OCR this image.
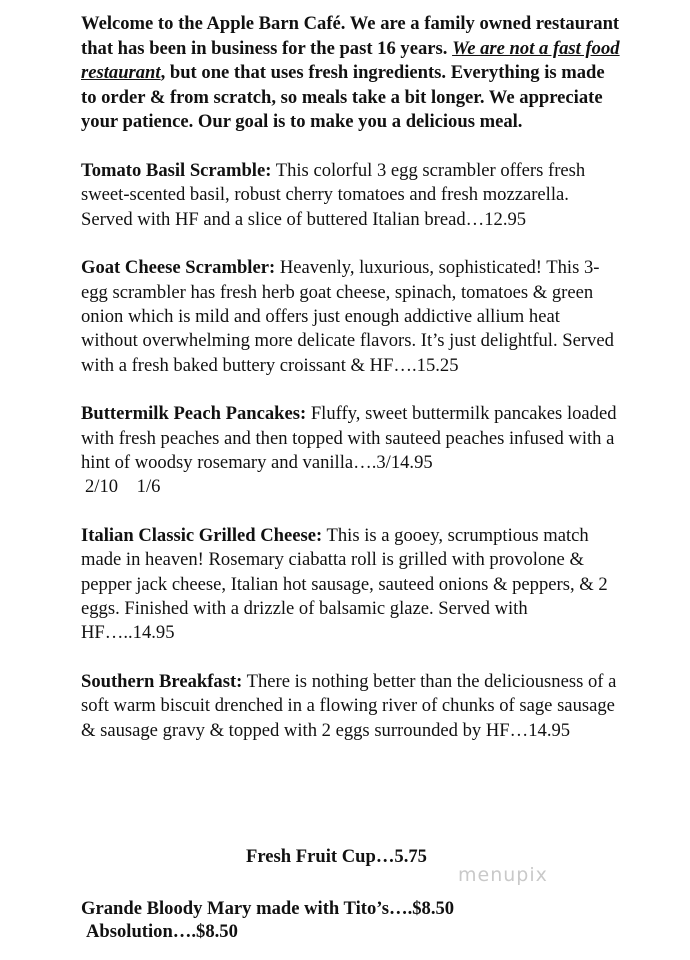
Welcome to the Apple Barn Café. We are a family owned restaurant that has been in business for the past 16 years. We are not a fast food restaurant, but one that uses fresh ingredients. Everything is made to order & from scratch, so meals take a bit longer. We appreciate your patience. Our goal is to make you a delicious meal.

Tomato Basil Scramble: This colorful 3 egg scrambler offers fresh sweet-scented basil, robust cherry tomatoes and fresh mozzarella. Served with HF and a slice of buttered Italian bread…12.95

Goat Cheese Scrambler: Heavenly, luxurious, sophisticated! This 3-egg scrambler has fresh herb goat cheese, spinach, tomatoes & green onion which is mild and offers just enough addictive allium heat without overwhelming more delicate flavors. It’s just delightful. Served with a fresh baked buttery croissant & HF….15.25

Buttermilk Peach Pancakes: Fluffy, sweet buttermilk pancakes loaded with fresh peaches and then topped with sauteed peaches infused with a hint of woodsy rosemary and vanilla….3/14.95
2/10    1/6

Italian Classic Grilled Cheese: This is a gooey, scrumptious match made in heaven! Rosemary ciabatta roll is grilled with provolone & pepper jack cheese, Italian hot sausage, sauteed onions & peppers, & 2 eggs. Finished with a drizzle of balsamic glaze. Served with HF…..14.95

Southern Breakfast: There is nothing better than the deliciousness of a soft warm biscuit drenched in a flowing river of chunks of sage sausage & sausage gravy & topped with 2 eggs surrounded by HF…14.95

Fresh Fruit Cup…5.75
menupix
Grande Bloody Mary made with Tito’s….$8.50
Absolution….$8.50
